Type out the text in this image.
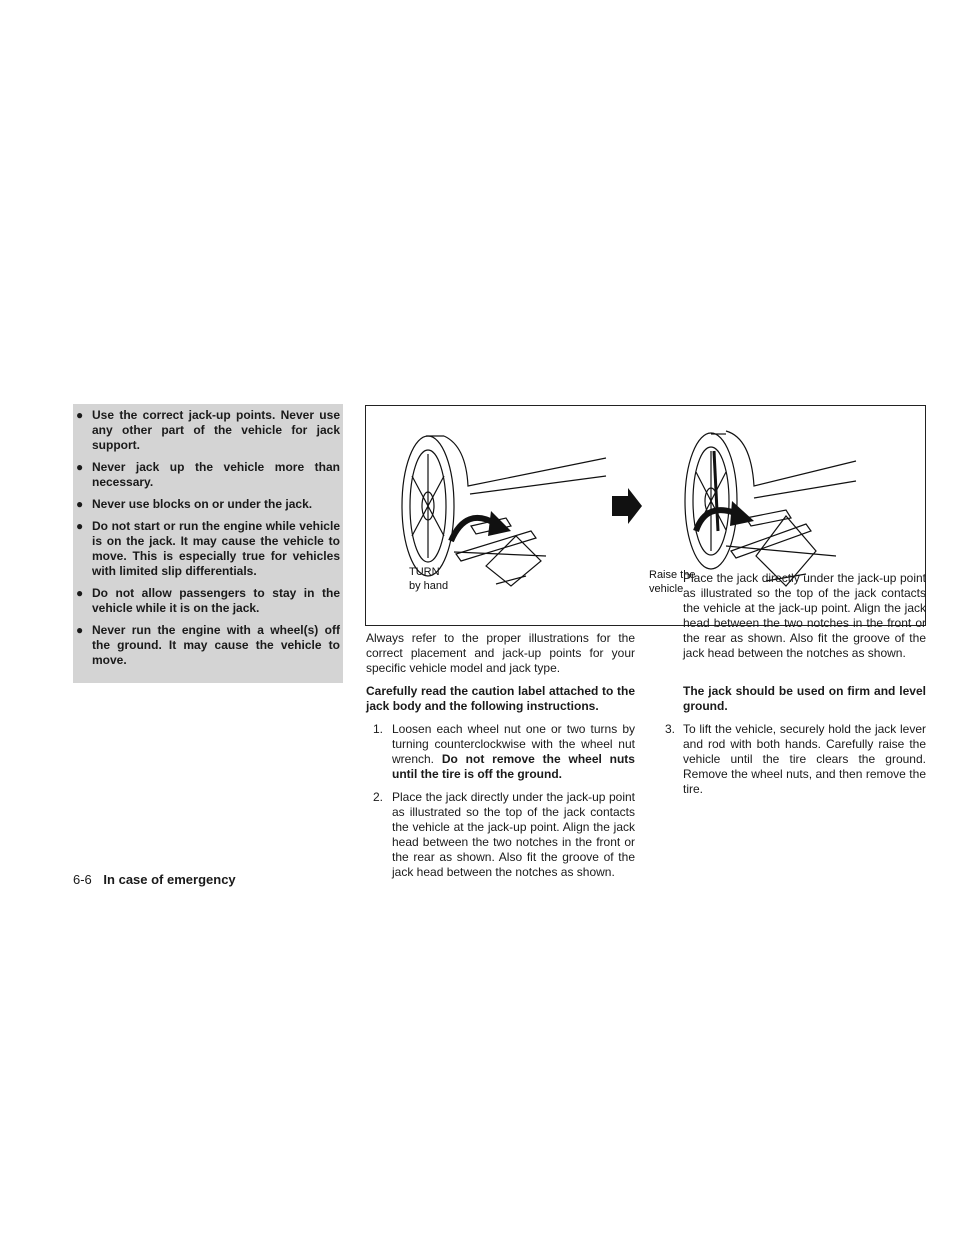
● Use the correct jack-up points. Never use any other part of the vehicle for jack support.
● Never jack up the vehicle more than necessary.
● Never use blocks on or under the jack.
● Do not start or run the engine while vehicle is on the jack. It may cause the vehicle to move. This is especially true for vehicles with limited slip differentials.
● Do not allow passengers to stay in the vehicle while it is on the jack.
● Never run the engine with a wheel(s) off the ground. It may cause the vehicle to move.
TURN
by hand
Raise the
vehicle

Always refer to the proper illustrations for the correct placement and jack-up points for your specific vehicle model and jack type.

Carefully read the caution label attached to the jack body and the following instructions.

1. Loosen each wheel nut one or two turns by turning counterclockwise with the wheel nut wrench. Do not remove the wheel nuts until the tire is off the ground.
2. Place the jack directly under the jack-up point as illustrated so the top of the jack contacts the vehicle at the jack-up point. Align the jack head between the two notches in the front or the rear as shown. Also fit the groove of the jack head between the notches as shown.
Place the jack directly under the jack-up point as illustrated so the top of the jack contacts the vehicle at the jack-up point. Align the jack head between the two notches in the front or the rear as shown. Also fit the groove of the jack head between the notches as shown.

The jack should be used on firm and level ground.

3. To lift the vehicle, securely hold the jack lever and rod with both hands. Carefully raise the vehicle until the tire clears the ground. Remove the wheel nuts, and then remove the tire.
6-6 In case of emergency
